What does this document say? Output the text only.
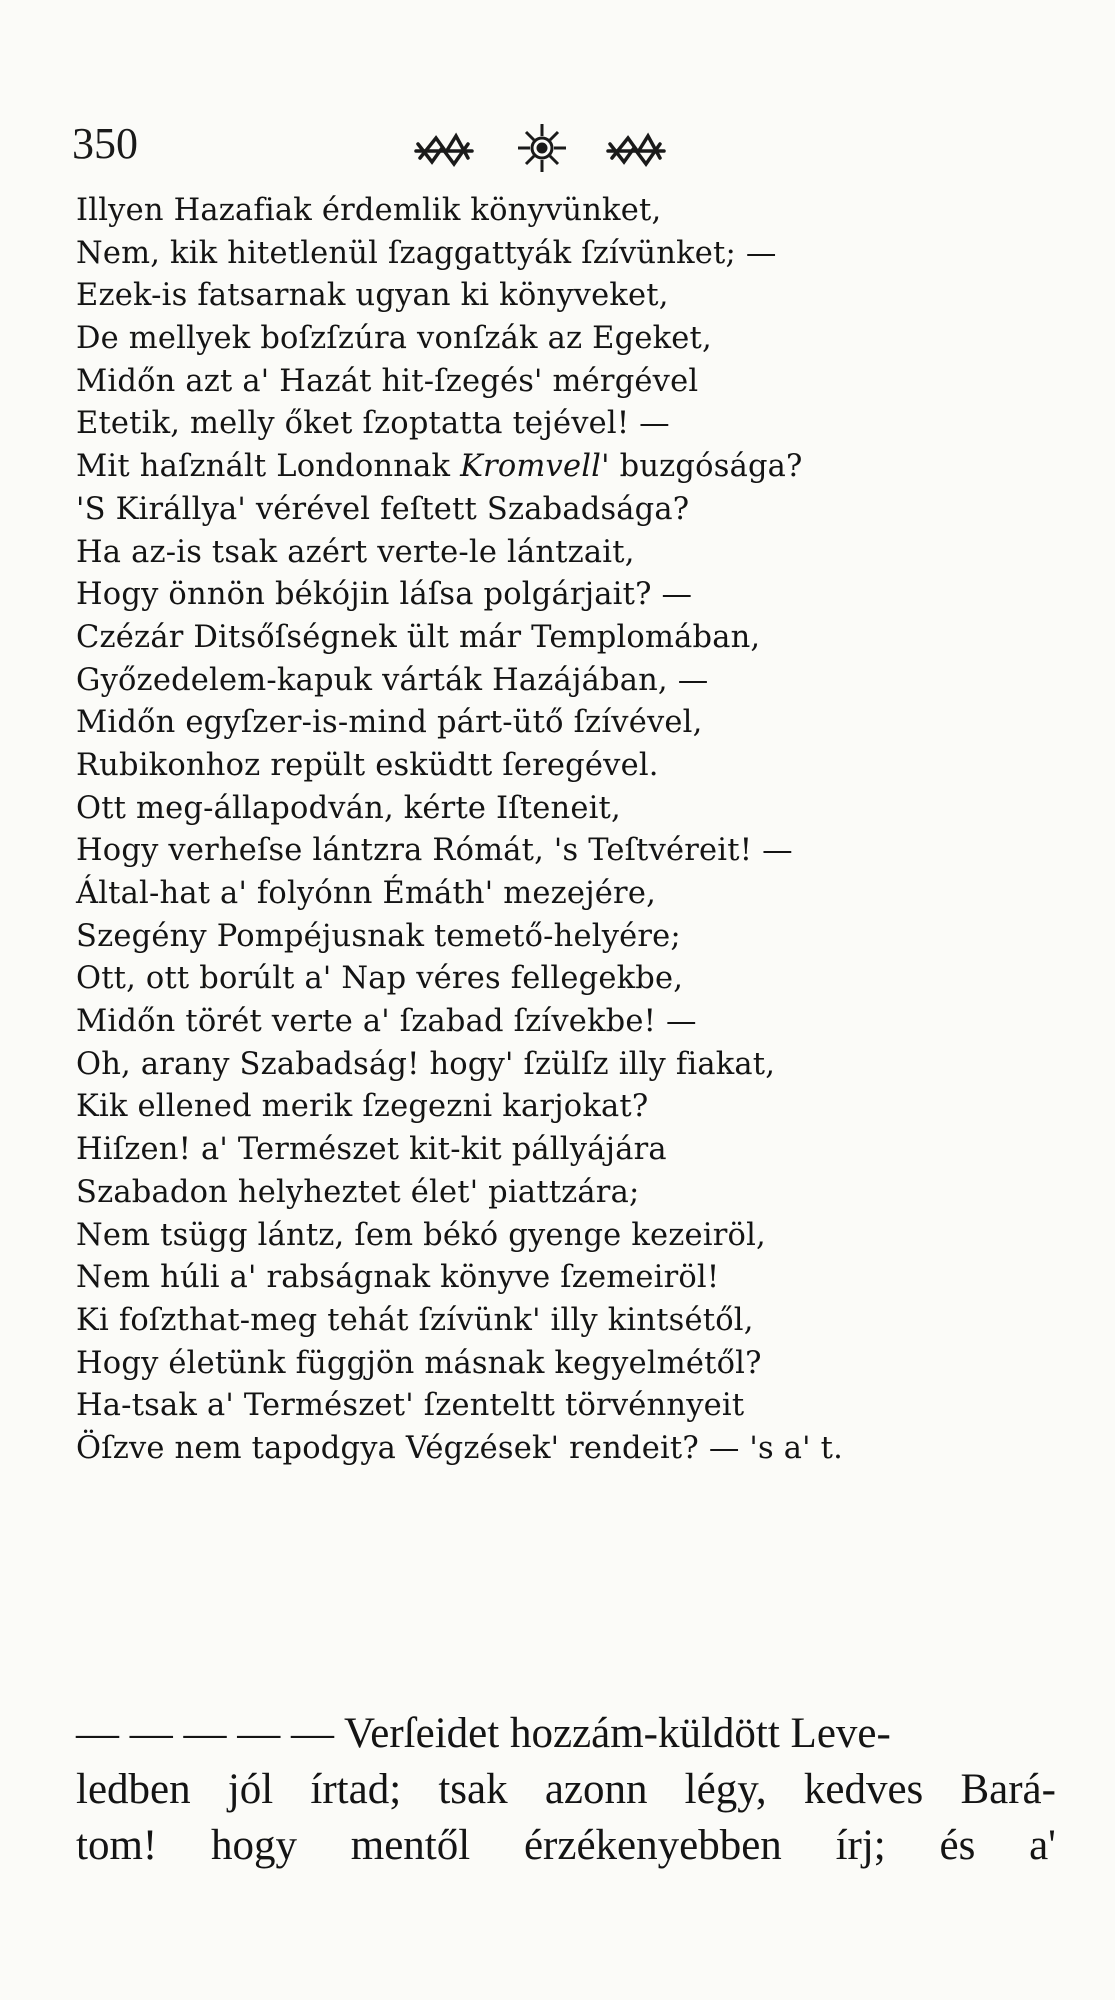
350
Illyen Hazafiak érdemlik könyvünket,
Nem, kik hitetlenül ſzaggattyák ſzívünket; —
Ezek-is fatsarnak ugyan ki könyveket,
De mellyek boſzſzúra vonſzák az Egeket,
Midőn azt a' Hazát hit-ſzegés' mérgével
Etetik, melly őket ſzoptatta tejével! —
Mit haſznált Londonnak Kromvell' buzgósága?
'S Királlya' vérével feſtett Szabadsága?
Ha az-is tsak azért verte-le lántzait,
Hogy önnön békójin láſsa polgárjait? —
Czézár Ditsőſségnek ült már Templomában,
Győzedelem-kapuk várták Hazájában, —
Midőn egyſzer-is-mind párt-ütő ſzívével,
Rubikonhoz repült esküdtt ſeregével.
Ott meg-állapodván, kérte Iſteneit,
Hogy verheſse lántzra Rómát, 's Teſtvéreit! —
Által-hat a' folyónn Émáth' mezejére,
Szegény Pompéjusnak temető-helyére;
Ott, ott borúlt a' Nap véres fellegekbe,
Midőn törét verte a' ſzabad ſzívekbe! —
Oh, arany Szabadság! hogy' ſzülſz illy fiakat,
Kik ellened merik ſzegezni karjokat?
Hiſzen! a' Természet kit-kit pállyájára
Szabadon helyheztet élet' piattzára;
Nem tsügg lántz, ſem békó gyenge kezeiröl,
Nem húli a' rabságnak könyve ſzemeiröl!
Ki foſzthat-meg tehát ſzívünk' illy kintsétől,
Hogy életünk függjön másnak kegyelmétől?
Ha-tsak a' Természet' ſzenteltt törvénnyeit
Öſzve nem tapodgya Végzések' rendeit? — 's a' t.
— — — — — Verſeidet hozzám-küldött Leve-
ledben jól írtad; tsak azonn légy, kedves Bará-
tom! hogy mentől érzékenyebben írj; és a'
